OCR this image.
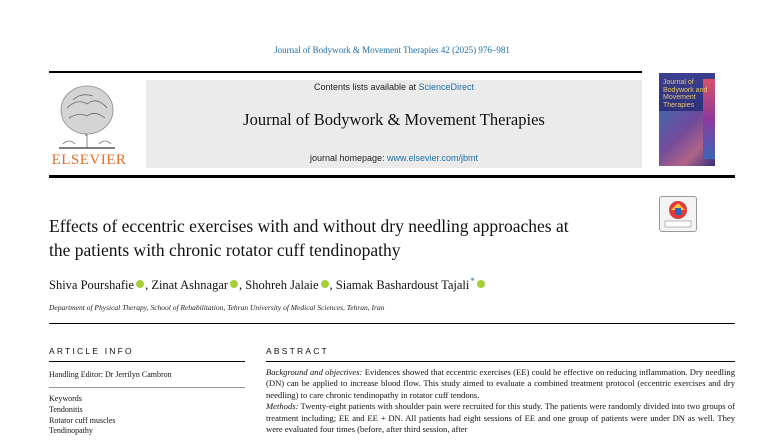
Journal of Bodywork & Movement Therapies 42 (2025) 976–981
ELSEVIER
Contents lists available at ScienceDirect
Journal of Bodywork & Movement Therapies
journal homepage: www.elsevier.com/jbmt
Journal of Bodywork and Movement Therapies
Effects of eccentric exercises with and without dry needling approaches at
the patients with chronic rotator cuff tendinopathy
Shiva Pourshafie , Zinat Ashnagar , Shohreh Jalaie , Siamak Bashardoust Tajali*
Department of Physical Therapy, School of Rehabilitation, Tehran University of Medical Sciences, Tehran, Iran
ARTICLE INFO	ABSTRACT
Handling Editor: Dr Jerrilyn Cambron
Keywords
Tendonitis
Rotator cuff muscles
Tendinopathy
Background and objectives: Evidences showed that eccentric exercises (EE) could be effective on reducing inflammation. Dry needling (DN) can be applied to increase blood flow. This study aimed to evaluate a combined treatment protocol (eccentric exercises and dry needling) to care chronic tendinopathy in rotator cuff tendons.
Methods: Twenty-eight patients with shoulder pain were recruited for this study. The patients were randomly divided into two groups of treatment including; EE and EE + DN. All patients had eight sessions of EE and one group of patients were under DN as well. They were evaluated four times (before, after third session, after
